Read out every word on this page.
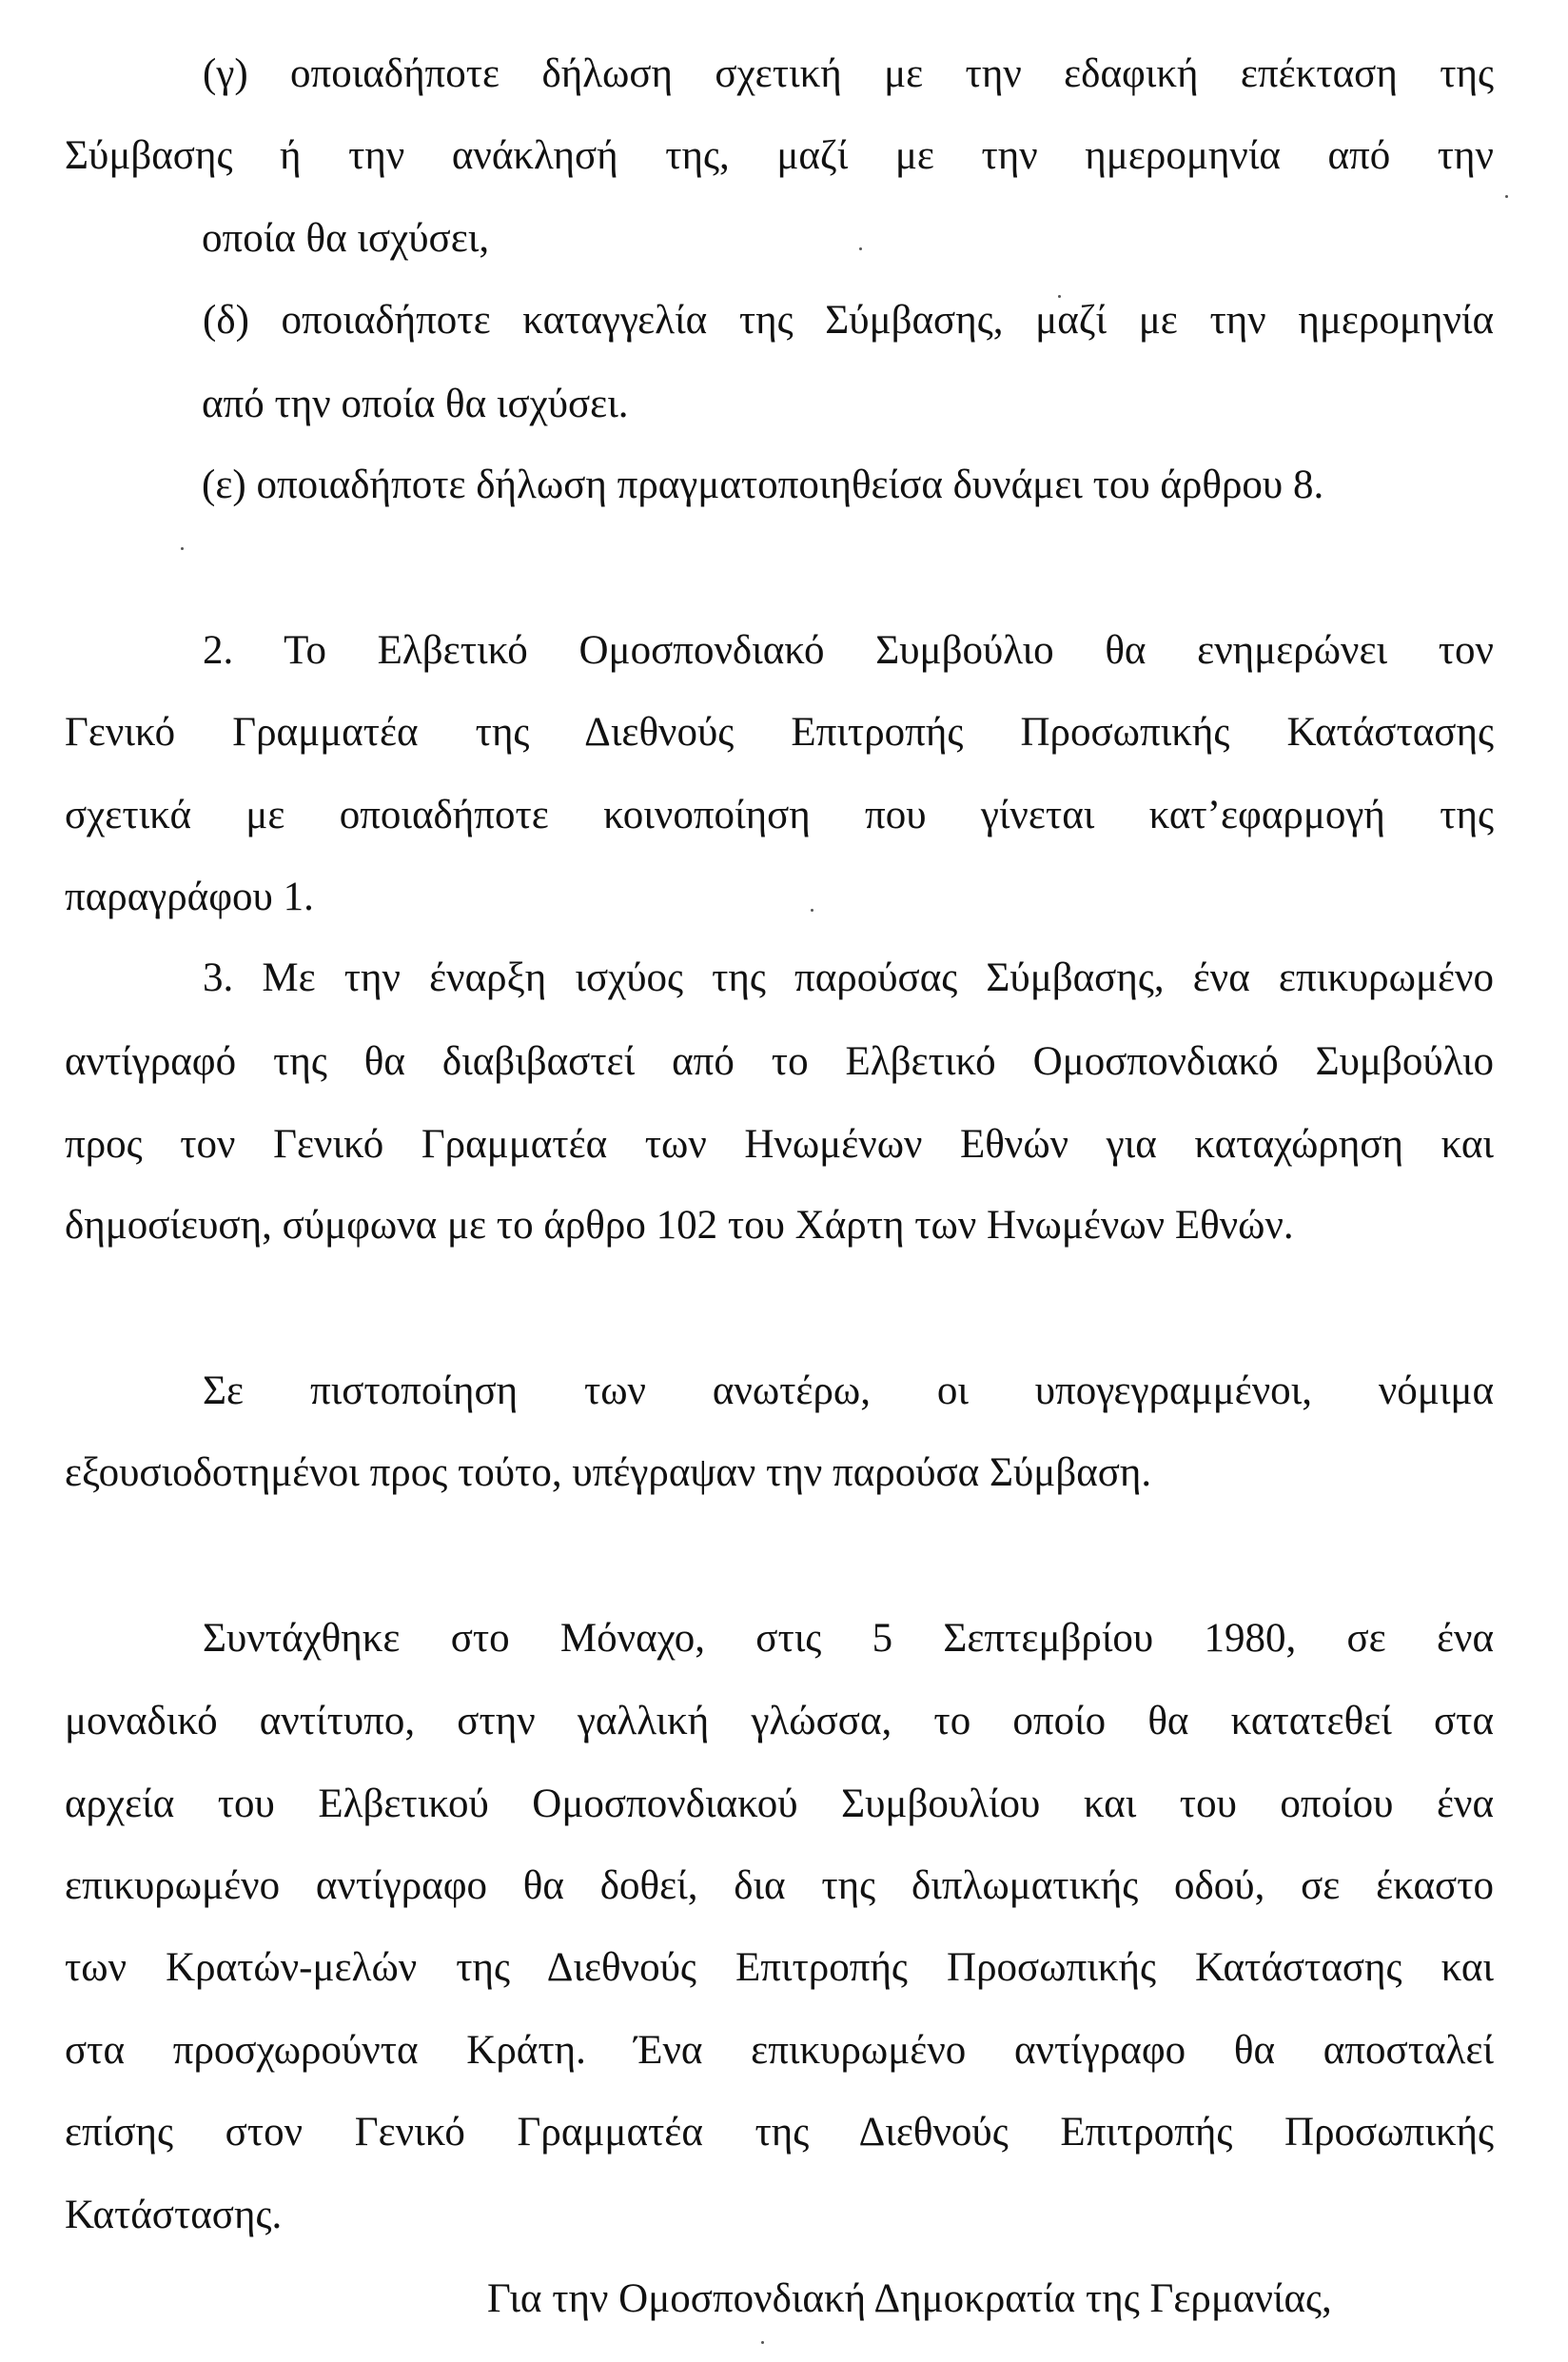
(γ) οποιαδήποτε δήλωση σχετική με την εδαφική επέκταση της
Σύμβασης ή την ανάκλησή της, μαζί με την ημερομηνία από την
οποία θα ισχύσει,
(δ) οποιαδήποτε καταγγελία της Σύμβασης, μαζί με την ημερομηνία
από την οποία θα ισχύσει.
(ε) οποιαδήποτε δήλωση πραγματοποιηθείσα δυνάμει του άρθρου 8.
2. Το Ελβετικό Ομοσπονδιακό Συμβούλιο θα ενημερώνει τον
Γενικό Γραμματέα της Διεθνούς Επιτροπής Προσωπικής Κατάστασης
σχετικά με οποιαδήποτε κοινοποίηση που γίνεται κατ’εφαρμογή της
παραγράφου 1.
3. Με την έναρξη ισχύος της παρούσας Σύμβασης, ένα επικυρωμένο
αντίγραφό της θα διαβιβαστεί από το Ελβετικό Ομοσπονδιακό Συμβούλιο
προς τον Γενικό Γραμματέα των Ηνωμένων Εθνών για καταχώρηση και
δημοσίευση, σύμφωνα με το άρθρο 102 του Χάρτη των Ηνωμένων Εθνών.
Σε πιστοποίηση των ανωτέρω, οι υπογεγραμμένοι, νόμιμα
εξουσιοδοτημένοι προς τούτο, υπέγραψαν την παρούσα Σύμβαση.
Συντάχθηκε στο Μόναχο, στις 5 Σεπτεμβρίου 1980, σε ένα
μοναδικό αντίτυπο, στην γαλλική γλώσσα, το οποίο θα κατατεθεί στα
αρχεία του Ελβετικού Ομοσπονδιακού Συμβουλίου και του οποίου ένα
επικυρωμένο αντίγραφο θα δοθεί, δια της διπλωματικής οδού, σε έκαστο
των Κρατών-μελών της Διεθνούς Επιτροπής Προσωπικής Κατάστασης και
στα προσχωρούντα Κράτη. Ένα επικυρωμένο αντίγραφο θα αποσταλεί
επίσης στον Γενικό Γραμματέα της Διεθνούς Επιτροπής Προσωπικής
Κατάστασης.
Για την Ομοσπονδιακή Δημοκρατία της Γερμανίας,
